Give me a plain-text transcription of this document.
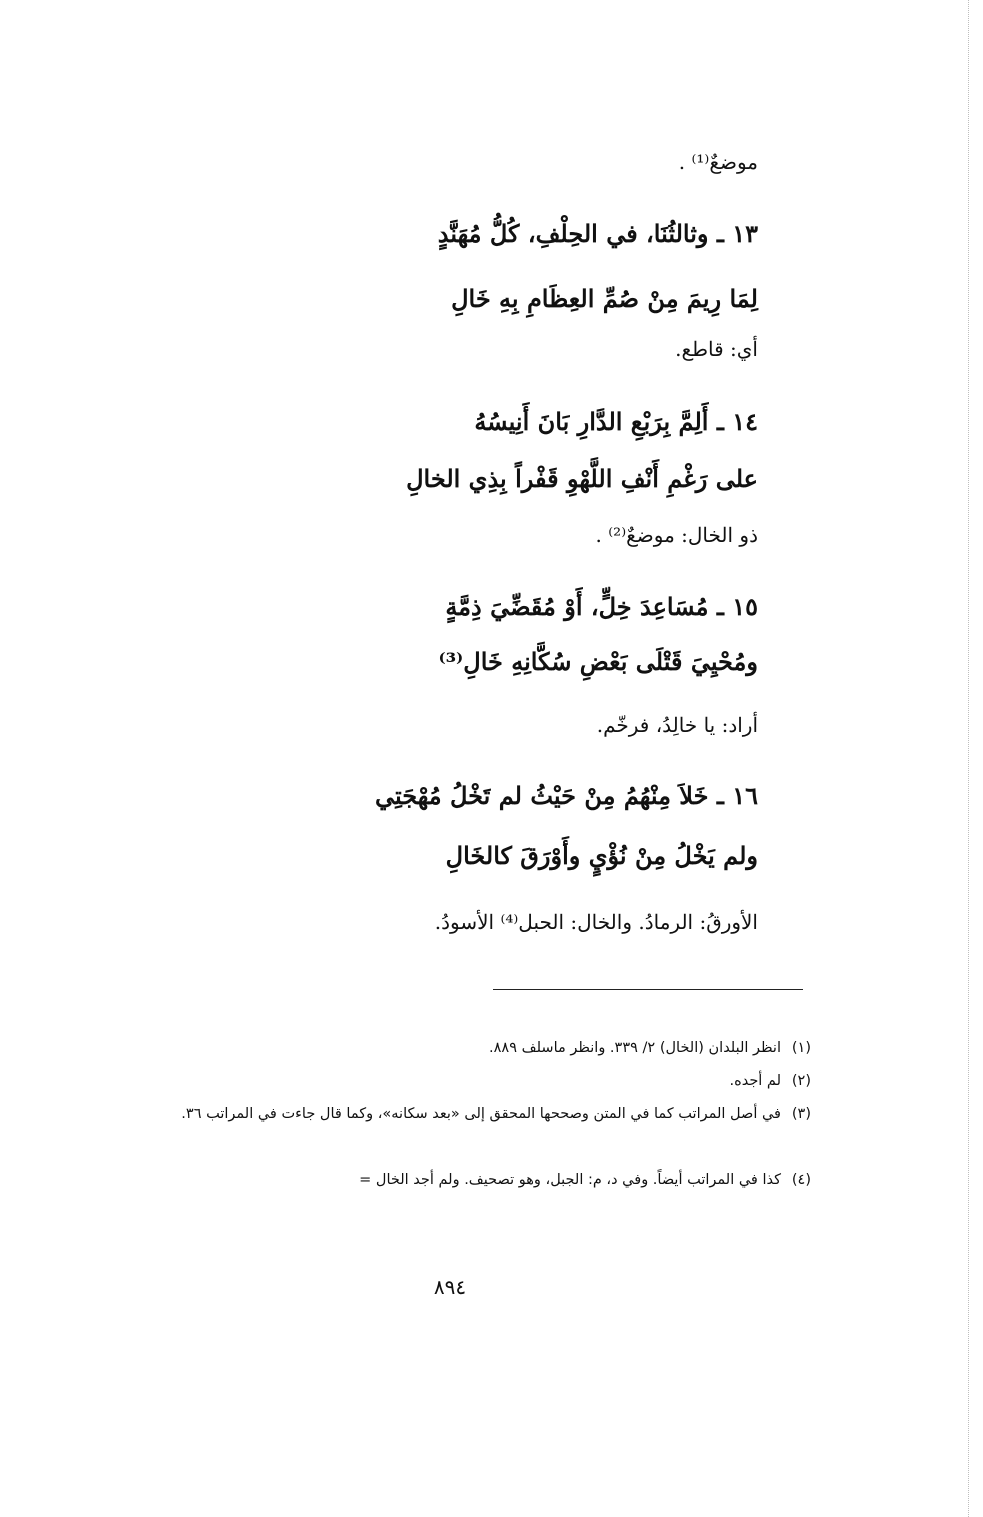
موضعٌ⁽¹⁾ .
١٣ ـ وثالثُنَا، في الحِلْفِ، كُلُّ مُهَنَّدٍ
لِمَا رِيمَ مِنْ صُمِّ العِظَامِ بِهِ خَالِ
أي: قاطع.
١٤ ـ أَلِمَّ بِرَبْعِ الدَّارِ بَانَ أَنِيسُهُ
على رَغْمِ أَنْفِ اللَّهْوِ قَفْراً بِذِي الخالِ
ذو الخال: موضعٌ⁽²⁾ .
١٥ ـ مُسَاعِدَ خِلٍّ، أَوْ مُقَضِّيَ ذِمَّةٍ
ومُحْيِيَ قَتْلَى بَعْضِ سُكَّانِهِ خَالِ⁽³⁾
أراد: يا خالِدُ، فرخّم.
١٦ ـ خَلاَ مِنْهُمُ مِنْ حَيْثُ لم تَخْلُ مُهْجَتِي
ولم يَخْلُ مِنْ نُؤْيٍ وأَوْرَقَ كالخَالِ
الأورقُ: الرمادُ. والخال: الحبل⁽⁴⁾ الأسودُ.
(١)انظر البلدان (الخال) ٢/ ٣٣٩. وانظر ماسلف ٨٨٩.
(٢)لم أجده.
(٣)
في أصل المراتب كما في المتن وصححها المحقق إلى «بعد سكانه»، وكما قال جاءت في المراتب ٣٦.
(٤)كذا في المراتب أيضاً. وفي د، م: الجبل، وهو تصحيف. ولم أجد الخال =
٨٩٤
